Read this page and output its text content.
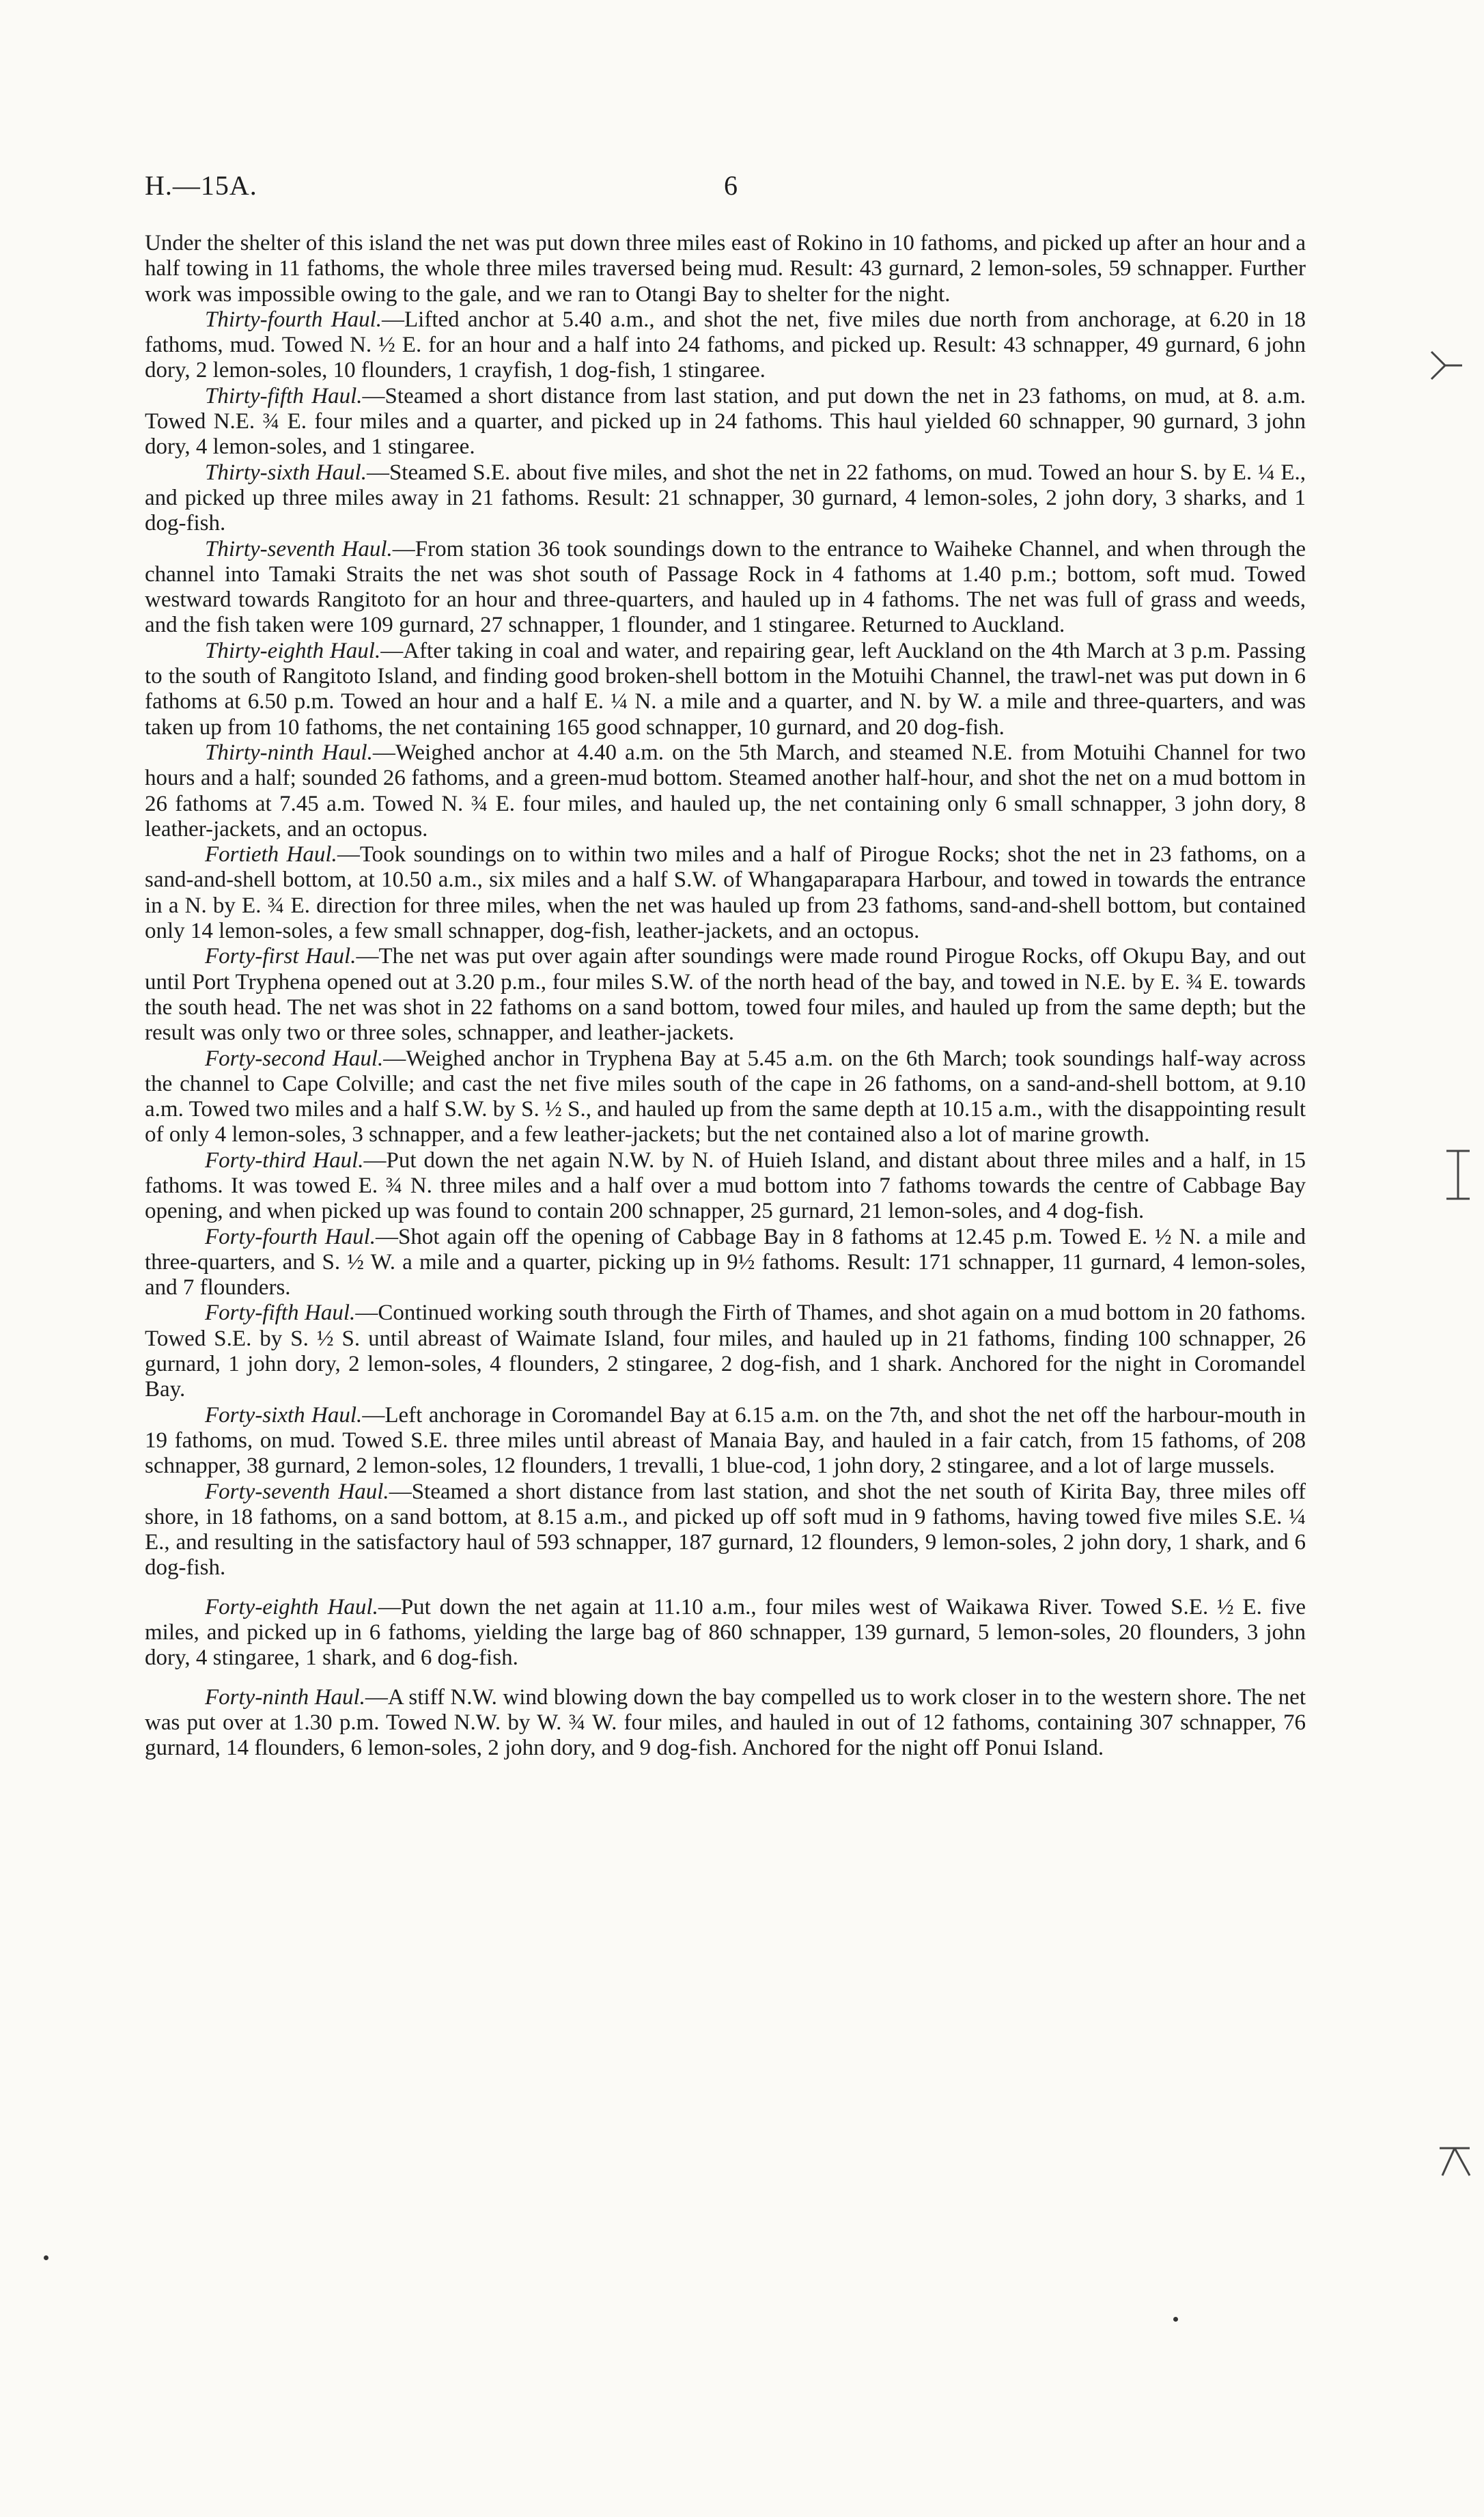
H.—15A.	6

Under the shelter of this island the net was put down three miles east of Rokino in 10 fathoms, and picked up after an hour and a half towing in 11 fathoms, the whole three miles traversed being mud. Result: 43 gurnard, 2 lemon-soles, 59 schnapper. Further work was impossible owing to the gale, and we ran to Otangi Bay to shelter for the night.

Thirty-fourth Haul.—Lifted anchor at 5.40 a.m., and shot the net, five miles due north from anchorage, at 6.20 in 18 fathoms, mud. Towed N. ½ E. for an hour and a half into 24 fathoms, and picked up. Result: 43 schnapper, 49 gurnard, 6 john dory, 2 lemon-soles, 10 flounders, 1 crayfish, 1 dog-fish, 1 stingaree.

Thirty-fifth Haul.—Steamed a short distance from last station, and put down the net in 23 fathoms, on mud, at 8. a.m. Towed N.E. ¾ E. four miles and a quarter, and picked up in 24 fathoms. This haul yielded 60 schnapper, 90 gurnard, 3 john dory, 4 lemon-soles, and 1 stingaree.

Thirty-sixth Haul.—Steamed S.E. about five miles, and shot the net in 22 fathoms, on mud. Towed an hour S. by E. ¼ E., and picked up three miles away in 21 fathoms. Result: 21 schnapper, 30 gurnard, 4 lemon-soles, 2 john dory, 3 sharks, and 1 dog-fish.

Thirty-seventh Haul.—From station 36 took soundings down to the entrance to Waiheke Channel, and when through the channel into Tamaki Straits the net was shot south of Passage Rock in 4 fathoms at 1.40 p.m.; bottom, soft mud. Towed westward towards Rangitoto for an hour and three-quarters, and hauled up in 4 fathoms. The net was full of grass and weeds, and the fish taken were 109 gurnard, 27 schnapper, 1 flounder, and 1 stingaree. Returned to Auckland.

Thirty-eighth Haul.—After taking in coal and water, and repairing gear, left Auckland on the 4th March at 3 p.m. Passing to the south of Rangitoto Island, and finding good broken-shell bottom in the Motuihi Channel, the trawl-net was put down in 6 fathoms at 6.50 p.m. Towed an hour and a half E. ¼ N. a mile and a quarter, and N. by W. a mile and three-quarters, and was taken up from 10 fathoms, the net containing 165 good schnapper, 10 gurnard, and 20 dog-fish.

Thirty-ninth Haul.—Weighed anchor at 4.40 a.m. on the 5th March, and steamed N.E. from Motuihi Channel for two hours and a half; sounded 26 fathoms, and a green-mud bottom. Steamed another half-hour, and shot the net on a mud bottom in 26 fathoms at 7.45 a.m. Towed N. ¾ E. four miles, and hauled up, the net containing only 6 small schnapper, 3 john dory, 8 leather-jackets, and an octopus.

Fortieth Haul.—Took soundings on to within two miles and a half of Pirogue Rocks; shot the net in 23 fathoms, on a sand-and-shell bottom, at 10.50 a.m., six miles and a half S.W. of Whangaparapara Harbour, and towed in towards the entrance in a N. by E. ¾ E. direction for three miles, when the net was hauled up from 23 fathoms, sand-and-shell bottom, but contained only 14 lemon-soles, a few small schnapper, dog-fish, leather-jackets, and an octopus.

Forty-first Haul.—The net was put over again after soundings were made round Pirogue Rocks, off Okupu Bay, and out until Port Tryphena opened out at 3.20 p.m., four miles S.W. of the north head of the bay, and towed in N.E. by E. ¾ E. towards the south head. The net was shot in 22 fathoms on a sand bottom, towed four miles, and hauled up from the same depth; but the result was only two or three soles, schnapper, and leather-jackets.

Forty-second Haul.—Weighed anchor in Tryphena Bay at 5.45 a.m. on the 6th March; took soundings half-way across the channel to Cape Colville; and cast the net five miles south of the cape in 26 fathoms, on a sand-and-shell bottom, at 9.10 a.m. Towed two miles and a half S.W. by S. ½ S., and hauled up from the same depth at 10.15 a.m., with the disappointing result of only 4 lemon-soles, 3 schnapper, and a few leather-jackets; but the net contained also a lot of marine growth.

Forty-third Haul.—Put down the net again N.W. by N. of Huieh Island, and distant about three miles and a half, in 15 fathoms. It was towed E. ¾ N. three miles and a half over a mud bottom into 7 fathoms towards the centre of Cabbage Bay opening, and when picked up was found to contain 200 schnapper, 25 gurnard, 21 lemon-soles, and 4 dog-fish.

Forty-fourth Haul.—Shot again off the opening of Cabbage Bay in 8 fathoms at 12.45 p.m. Towed E. ½ N. a mile and three-quarters, and S. ½ W. a mile and a quarter, picking up in 9½ fathoms. Result: 171 schnapper, 11 gurnard, 4 lemon-soles, and 7 flounders.

Forty-fifth Haul.—Continued working south through the Firth of Thames, and shot again on a mud bottom in 20 fathoms. Towed S.E. by S. ½ S. until abreast of Waimate Island, four miles, and hauled up in 21 fathoms, finding 100 schnapper, 26 gurnard, 1 john dory, 2 lemon-soles, 4 flounders, 2 stingaree, 2 dog-fish, and 1 shark. Anchored for the night in Coromandel Bay.

Forty-sixth Haul.—Left anchorage in Coromandel Bay at 6.15 a.m. on the 7th, and shot the net off the harbour-mouth in 19 fathoms, on mud. Towed S.E. three miles until abreast of Manaia Bay, and hauled in a fair catch, from 15 fathoms, of 208 schnapper, 38 gurnard, 2 lemon-soles, 12 flounders, 1 trevalli, 1 blue-cod, 1 john dory, 2 stingaree, and a lot of large mussels.

Forty-seventh Haul.—Steamed a short distance from last station, and shot the net south of Kirita Bay, three miles off shore, in 18 fathoms, on a sand bottom, at 8.15 a.m., and picked up off soft mud in 9 fathoms, having towed five miles S.E. ¼ E., and resulting in the satisfactory haul of 593 schnapper, 187 gurnard, 12 flounders, 9 lemon-soles, 2 john dory, 1 shark, and 6 dog-fish.

Forty-eighth Haul.—Put down the net again at 11.10 a.m., four miles west of Waikawa River. Towed S.E. ½ E. five miles, and picked up in 6 fathoms, yielding the large bag of 860 schnapper, 139 gurnard, 5 lemon-soles, 20 flounders, 3 john dory, 4 stingaree, 1 shark, and 6 dog-fish.

Forty-ninth Haul.—A stiff N.W. wind blowing down the bay compelled us to work closer in to the western shore. The net was put over at 1.30 p.m. Towed N.W. by W. ¾ W. four miles, and hauled in out of 12 fathoms, containing 307 schnapper, 76 gurnard, 14 flounders, 6 lemon-soles, 2 john dory, and 9 dog-fish. Anchored for the night off Ponui Island.
